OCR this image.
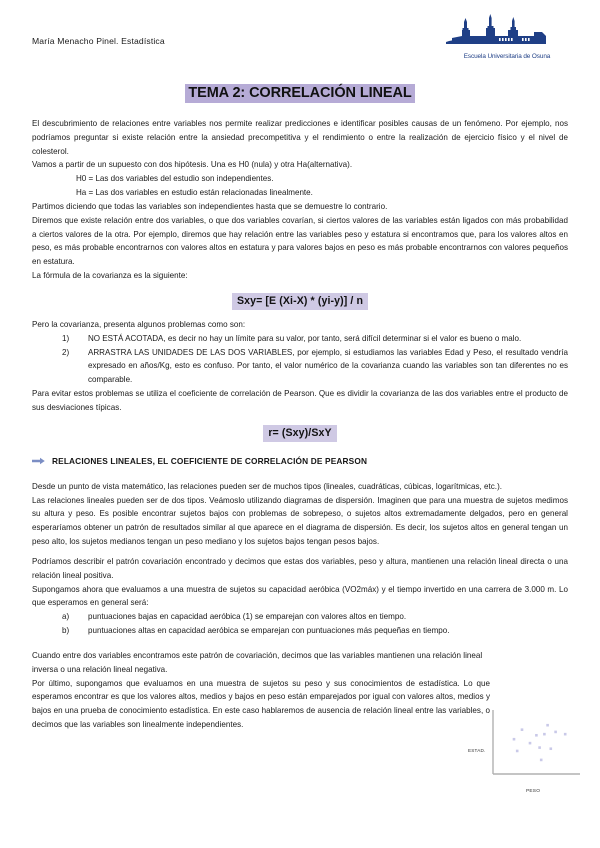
María Menacho Pinel. Estadística
Escuela Universitaria de Osuna
TEMA 2: CORRELACIÓN LINEAL

El descubrimiento de relaciones entre variables nos permite realizar predicciones e identificar posibles causas de un fenómeno. Por ejemplo, nos podríamos preguntar si existe relación entre la ansiedad precompetitiva y el rendimiento o entre la realización de ejercicio físico y el nivel de colesterol.

Vamos a partir de un supuesto con dos hipótesis. Una es H0 (nula) y otra Ha(alternativa).

H0 = Las dos variables del estudio son independientes.
Ha = Las dos variables en estudio están relacionadas linealmente.

Partimos diciendo que todas las variables son independientes hasta que se demuestre lo contrario.

Diremos que existe relación entre dos variables, o que dos variables covarían, si ciertos valores de las variables están ligados con más probabilidad a ciertos valores de la otra. Por ejemplo, diremos que hay relación entre las variables peso y estatura si encontramos que, para los valores altos en peso, es más probable encontrarnos con valores altos en estatura y para valores bajos en peso es más probable encontrarnos con valores pequeños en estatura.

La fórmula de la covarianza es la siguiente:

Sxy= [E (Xi-X) * (yi-y)] / n

Pero la covarianza, presenta algunos problemas como son:

1)	NO ESTÁ ACOTADA, es decir no hay un límite para su valor, por tanto, será difícil determinar si el valor es bueno o malo.
2)	ARRASTRA LAS UNIDADES DE LAS DOS VARIABLES, por ejemplo, si estudiamos las variables Edad y Peso, el resultado vendría expresado en años/Kg, esto es confuso. Por tanto, el valor numérico de la covarianza cuando las variables son tan diferentes no es comparable.

Para evitar estos problemas se utiliza el coeficiente de correlación de Pearson. Que es dividir la covarianza de las dos variables entre el producto de sus desviaciones típicas.

r= (Sxy)/SxY
RELACIONES LINEALES, EL COEFICIENTE DE CORRELACIÓN DE PEARSON

Desde un punto de vista matemático, las relaciones pueden ser de muchos tipos (lineales, cuadráticas, cúbicas, logarítmicas, etc.).

Las relaciones lineales pueden ser de dos tipos. Veámoslo utilizando diagramas de dispersión. Imaginen que para una muestra de sujetos medimos su altura y peso. Es posible encontrar sujetos bajos con problemas de sobrepeso, o sujetos altos extremadamente delgados, pero en general esperaríamos obtener un patrón de resultados similar al que aparece en el diagrama de dispersión. Es decir, los sujetos altos en general tengan un peso alto, los sujetos medianos tengan un peso mediano y los sujetos bajos tengan pesos bajos.

Podríamos describir el patrón covariación encontrado y decimos que estas dos variables, peso y altura, mantienen una relación lineal directa o una relación lineal positiva.

Supongamos ahora que evaluamos a una muestra de sujetos su capacidad aeróbica (VO2máx) y el tiempo invertido en una carrera de 3.000 m. Lo que esperamos en general será:

a)	puntuaciones bajas en capacidad aeróbica (1) se emparejan con valores altos en tiempo.
b)	puntuaciones altas en capacidad aeróbica se emparejan con puntuaciones más pequeñas en tiempo.

Cuando entre dos variables encontramos este patrón de covariación, decimos que las variables mantienen una relación lineal inversa o una relación lineal negativa.

Por último, supongamos que evaluamos en una muestra de sujetos su peso y sus conocimientos de estadística. Lo que esperamos encontrar es que los valores altos, medios y bajos en peso están emparejados por igual con valores altos, medios y bajos en una prueba de conocimiento estadística. En este caso hablaremos de ausencia de relación lineal entre las variables, o decimos que las variables son linealmente independientes.

ESTAD.
PESO
